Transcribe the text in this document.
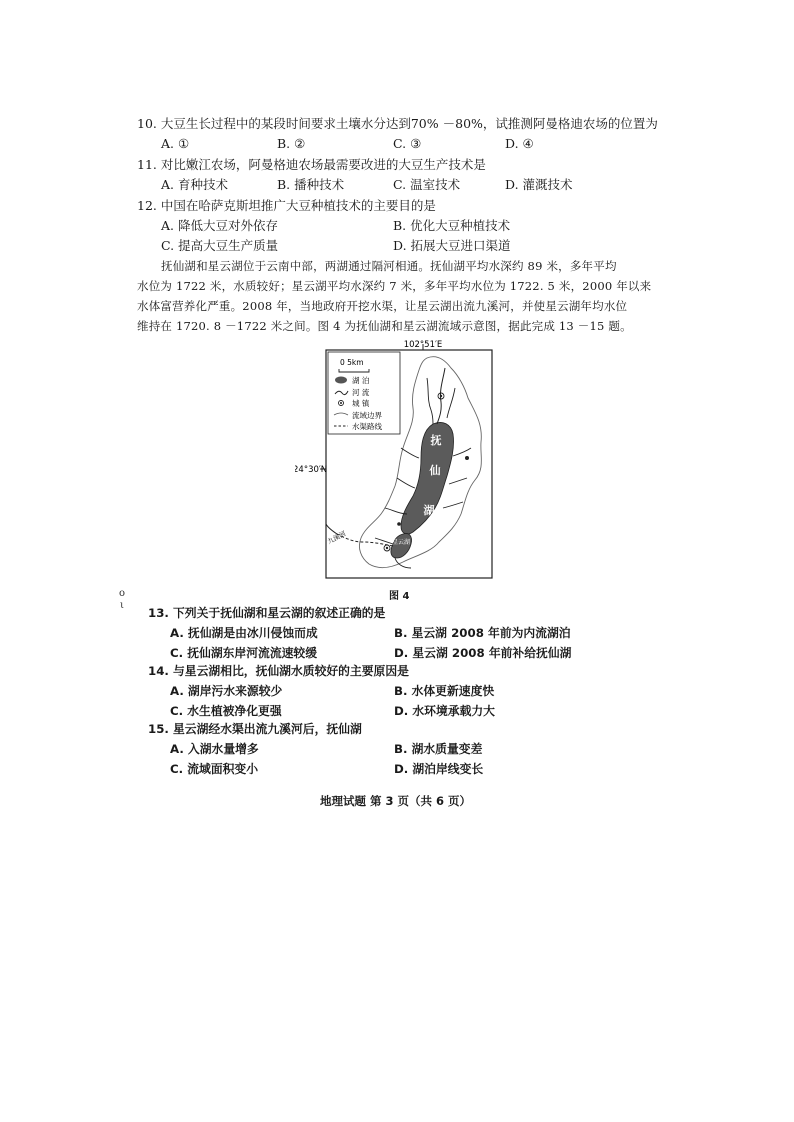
10. 大豆生长过程中的某段时间要求土壤水分达到70% －80%，试推测阿曼格迪农场的位置为
A. ①	B. ②	C. ③	D. ④
11. 对比嫩江农场，阿曼格迪农场最需要改进的大豆生产技术是
A. 育种技术	B. 播种技术	C. 温室技术	D. 灌溉技术
12. 中国在哈萨克斯坦推广大豆种植技术的主要目的是
A. 降低大豆对外依存	B. 优化大豆种植技术
C. 提高大豆生产质量	D. 拓展大豆进口渠道
抚仙湖和星云湖位于云南中部，两湖通过隔河相通。抚仙湖平均水深约 89 米，多年平均
水位为 1722 米，水质较好；星云湖平均水深约 7 米，多年平均水位为 1722. 5 米，2000 年以来
水体富营养化严重。2008 年，当地政府开挖水渠，让星云湖出流九溪河，并使星云湖年均水位
维持在 1720. 8 －1722 米之间。图 4 为抚仙湖和星云湖流域示意图，据此完成 13 －15 题。
102°51′E
24°30′N
0 5km
湖 泊
河 流
城 镇
流域边界
水渠路线
九溪河
抚
仙
湖
星云湖
图 4
o
ι
13. 下列关于抚仙湖和星云湖的叙述正确的是
A. 抚仙湖是由冰川侵蚀而成	B. 星云湖 2008 年前为内流湖泊
C. 抚仙湖东岸河流流速较缓	D. 星云湖 2008 年前补给抚仙湖
14. 与星云湖相比，抚仙湖水质较好的主要原因是
A. 湖岸污水来源较少	B. 水体更新速度快
C. 水生植被净化更强	D. 水环境承载力大
15. 星云湖经水渠出流九溪河后，抚仙湖
A. 入湖水量增多	B. 湖水质量变差
C. 流域面积变小	D. 湖泊岸线变长
地理试题 第 3 页（共 6 页）
